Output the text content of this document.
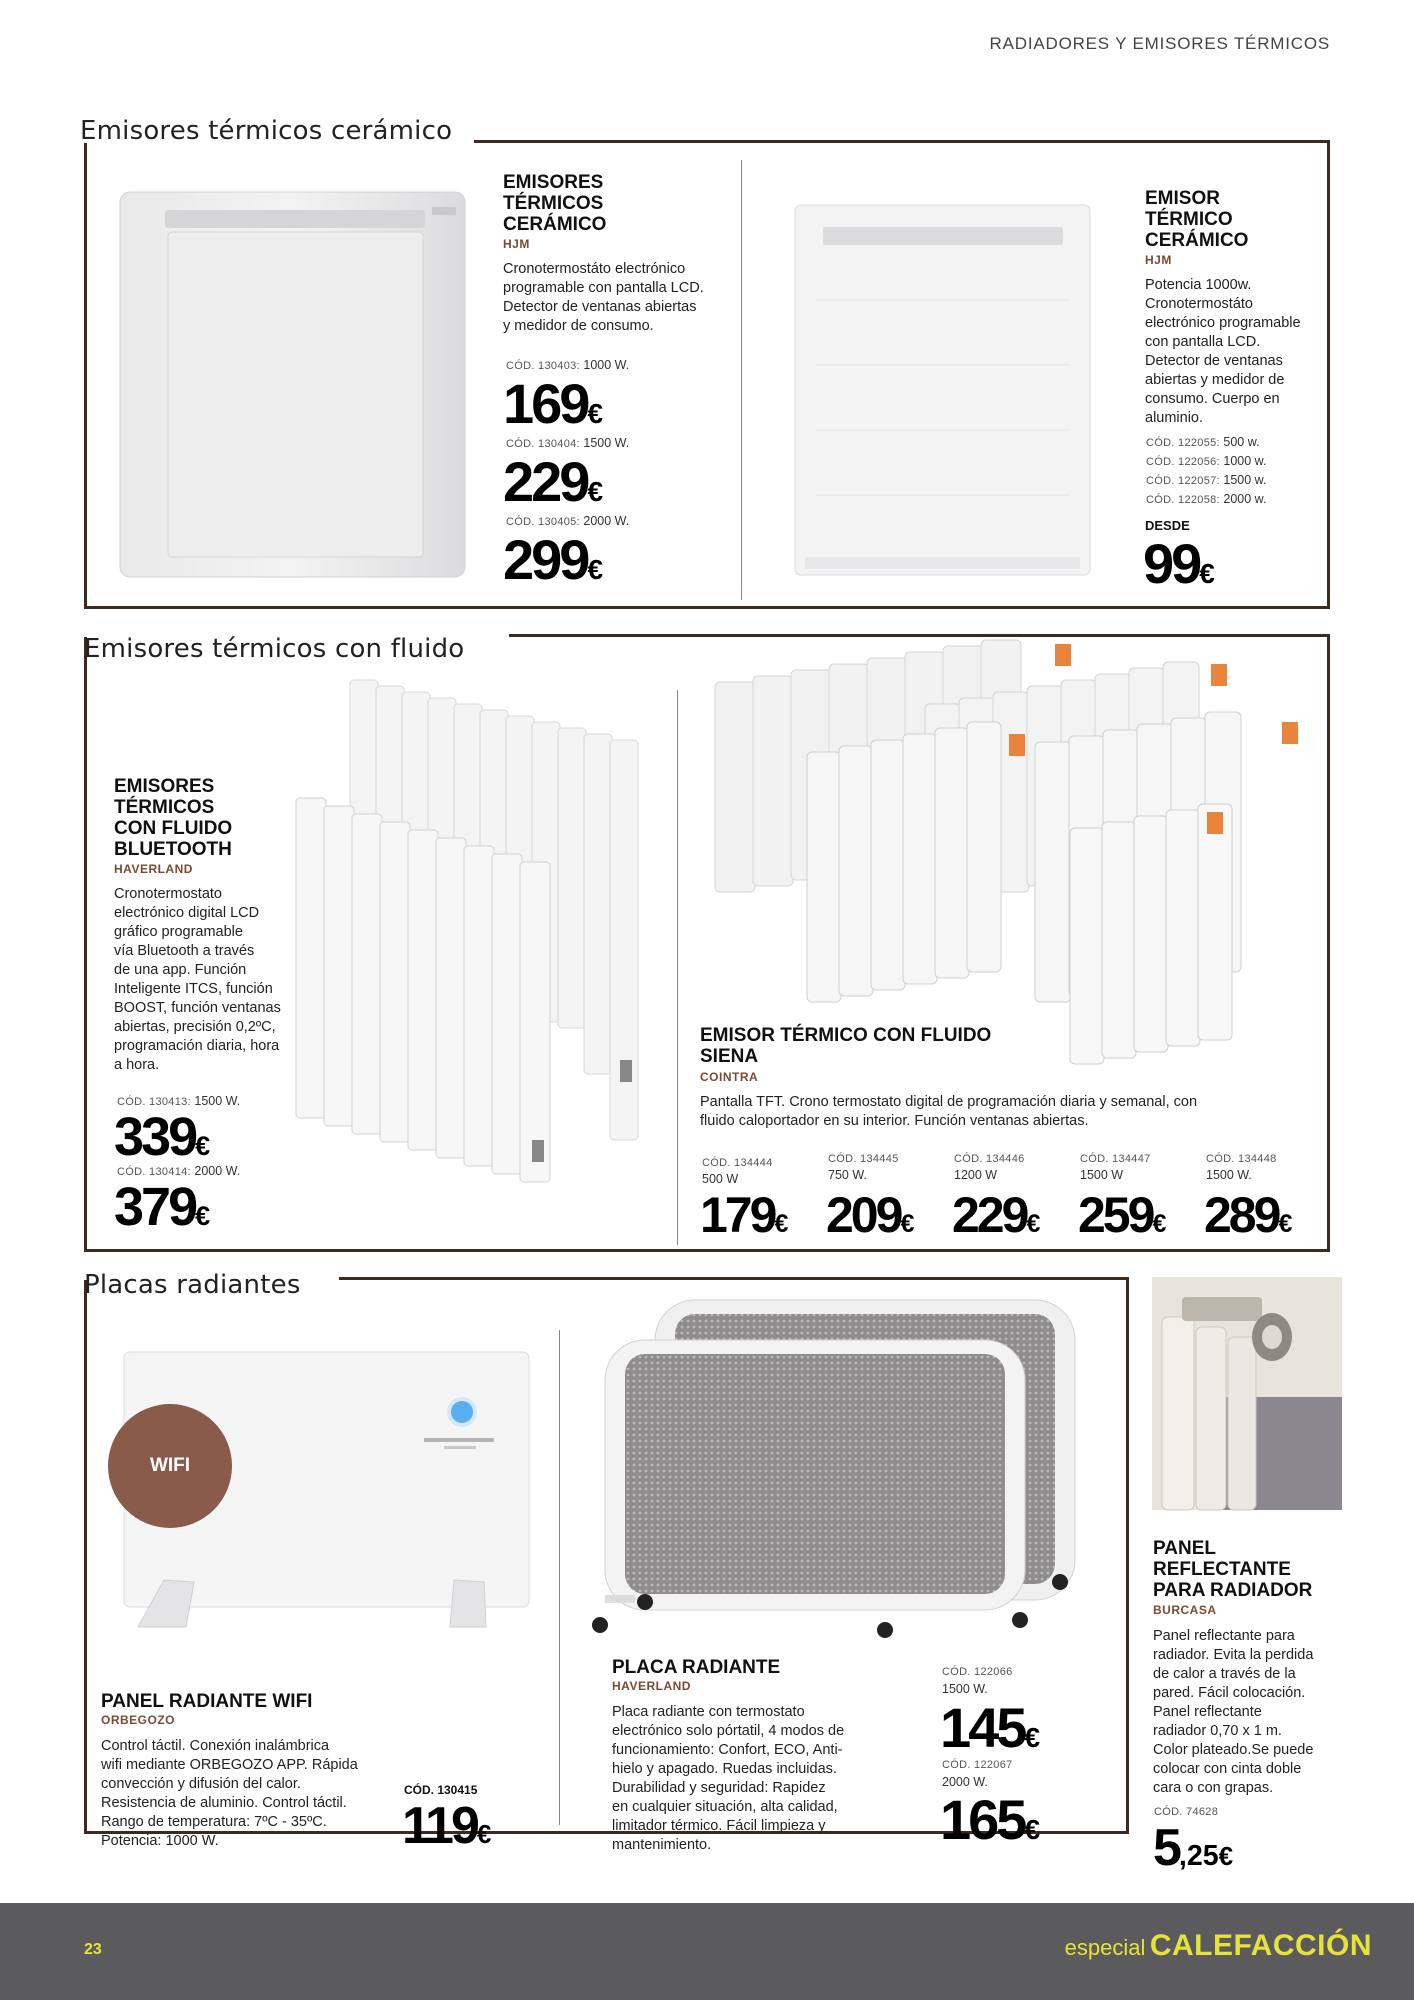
RADIADORES Y EMISORES TÉRMICOS
Emisores térmicos cerámico
EMISORES
TÉRMICOS
CERÁMICO
HJM
Cronotermostáto electrónico
programable con pantalla LCD.
Detector de ventanas abiertas
y medidor de consumo.
CÓD. 130403: 1000 W.
169€
CÓD. 130404: 1500 W.
229€
CÓD. 130405: 2000 W.
299€
EMISOR
TÉRMICO
CERÁMICO
HJM
Potencia 1000w.
Cronotermostáto
electrónico programable
con pantalla LCD.
Detector de ventanas
abiertas y medidor de
consumo. Cuerpo en
aluminio.
CÓD. 122055: 500 w.
CÓD. 122056: 1000 w.
CÓD. 122057: 1500 w.
CÓD. 122058: 2000 w.
DESDE
99€
Emisores térmicos con fluido
EMISORES
TÉRMICOS
CON FLUIDO
BLUETOOTH
HAVERLAND
Cronotermostato
electrónico digital LCD
gráfico programable
vía Bluetooth a través
de una app. Función
Inteligente ITCS, función
BOOST, función ventanas
abiertas, precisión 0,2ºC,
programación diaria, hora
a hora.
CÓD. 130413: 1500 W.
339€
CÓD. 130414: 2000 W.
379€
EMISOR TÉRMICO CON FLUIDO
SIENA
COINTRA
Pantalla TFT. Crono termostato digital de programación diaria y semanal, con
fluido caloportador en su interior. Función ventanas abiertas.
CÓD. 134444
500 W
179€
CÓD. 134445
750 W.
209€
CÓD. 134446
1200 W
229€
CÓD. 134447
1500 W
259€
CÓD. 134448
1500 W.
289€
Placas radiantes
WIFI
PANEL RADIANTE WIFI
ORBEGOZO
Control táctil. Conexión inalámbrica
wifi mediante ORBEGOZO APP. Rápida
convección y difusión del calor.
Resistencia de aluminio. Control táctil.
Rango de temperatura: 7ºC - 35ºC.
Potencia: 1000 W.
CÓD. 130415
119€
PLACA RADIANTE
HAVERLAND
Placa radiante con termostato
electrónico solo pórtatil, 4 modos de
funcionamiento: Confort, ECO, Anti-
hielo y apagado. Ruedas incluidas.
Durabilidad y seguridad: Rapidez
en cualquier situación, alta calidad,
limitador térmico. Fácil limpieza y
mantenimiento.
CÓD. 122066
1500 W.
145€
CÓD. 122067
2000 W.
165€
PANEL
REFLECTANTE
PARA RADIADOR
BURCASA
Panel reflectante para
radiador. Evita la perdida
de calor a través de la
pared. Fácil colocación.
Panel reflectante
radiador 0,70 x 1 m.
Color plateado.Se puede
colocar con cinta doble
cara o con grapas.
CÓD. 74628
5,25€
23	especial CALEFACCIÓN
